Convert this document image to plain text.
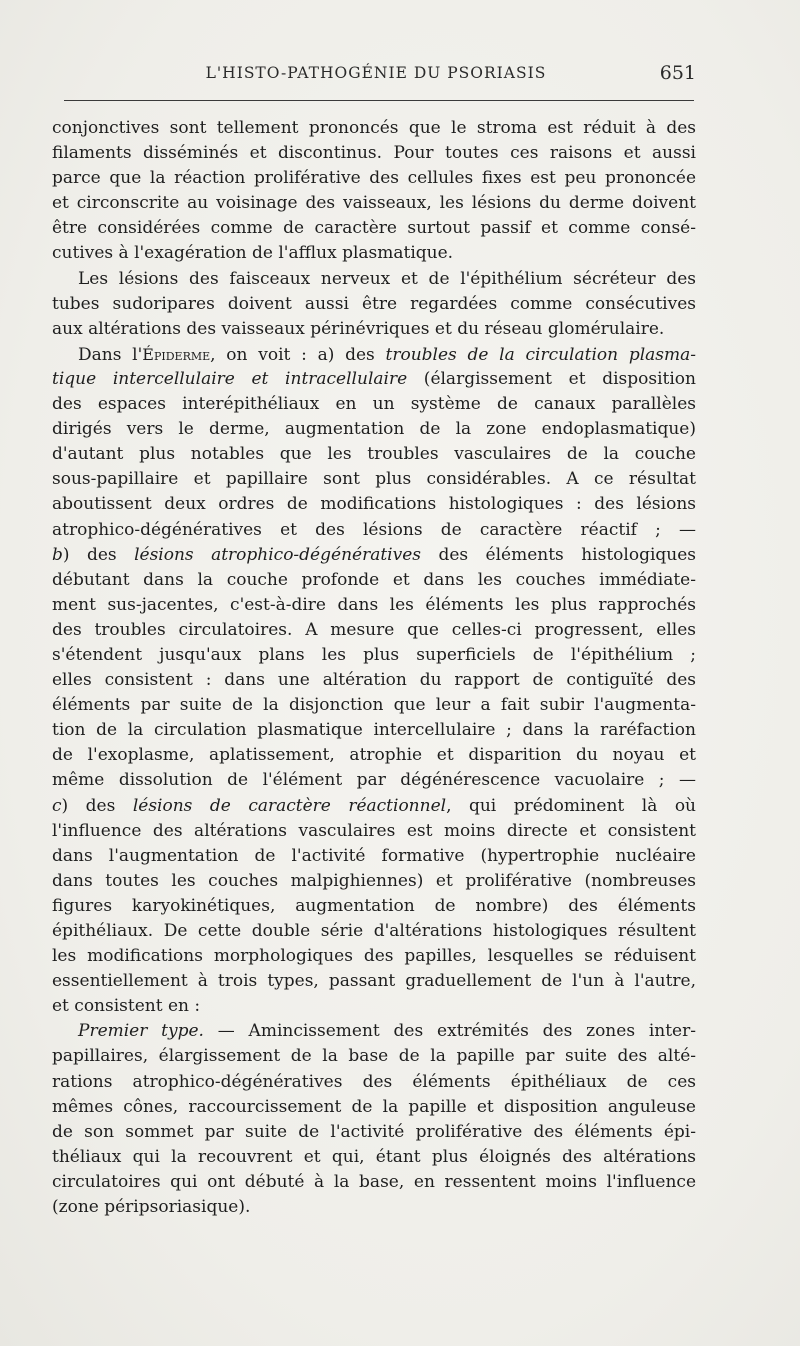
L'HISTO-PATHOGÉNIE DU PSORIASIS	651
conjonctives sont tellement prononcés que le stroma est réduit à des
filaments disséminés et discontinus. Pour toutes ces raisons et aussi
parce que la réaction proliférative des cellules fixes est peu prononcée
et circonscrite au voisinage des vaisseaux, les lésions du derme doivent
être considérées comme de caractère surtout passif et comme consé-
cutives à l'exagération de l'afflux plasmatique.
Les lésions des faisceaux nerveux et de l'épithélium sécréteur des
tubes sudoripares doivent aussi être regardées comme consécutives
aux altérations des vaisseaux périnévriques et du réseau glomérulaire.
Dans l'Épiderme, on voit : a) des troubles de la circulation plasma-
tique intercellulaire et intracellulaire (élargissement et disposition
des espaces interépithéliaux en un système de canaux parallèles
dirigés vers le derme, augmentation de la zone endoplasmatique)
d'autant plus notables que les troubles vasculaires de la couche
sous-papillaire et papillaire sont plus considérables. A ce résultat
aboutissent deux ordres de modifications histologiques : des lésions
atrophico-dégénératives et des lésions de caractère réactif ; —
b) des lésions atrophico-dégénératives des éléments histologiques
débutant dans la couche profonde et dans les couches immédiate-
ment sus-jacentes, c'est-à-dire dans les éléments les plus rapprochés
des troubles circulatoires. A mesure que celles-ci progressent, elles
s'étendent jusqu'aux plans les plus superficiels de l'épithélium ;
elles consistent : dans une altération du rapport de contiguïté des
éléments par suite de la disjonction que leur a fait subir l'augmenta-
tion de la circulation plasmatique intercellulaire ; dans la raréfaction
de l'exoplasme, aplatissement, atrophie et disparition du noyau et
même dissolution de l'élément par dégénérescence vacuolaire ; —
c) des lésions de caractère réactionnel, qui prédominent là où
l'influence des altérations vasculaires est moins directe et consistent
dans l'augmentation de l'activité formative (hypertrophie nucléaire
dans toutes les couches malpighiennes) et proliférative (nombreuses
figures karyokinétiques, augmentation de nombre) des éléments
épithéliaux. De cette double série d'altérations histologiques résultent
les modifications morphologiques des papilles, lesquelles se réduisent
essentiellement à trois types, passant graduellement de l'un à l'autre,
et consistent en :
Premier type. — Amincissement des extrémités des zones inter-
papillaires, élargissement de la base de la papille par suite des alté-
rations atrophico-dégénératives des éléments épithéliaux de ces
mêmes cônes, raccourcissement de la papille et disposition anguleuse
de son sommet par suite de l'activité proliférative des éléments épi-
théliaux qui la recouvrent et qui, étant plus éloignés des altérations
circulatoires qui ont débuté à la base, en ressentent moins l'influence
(zone péripsoriasique).
